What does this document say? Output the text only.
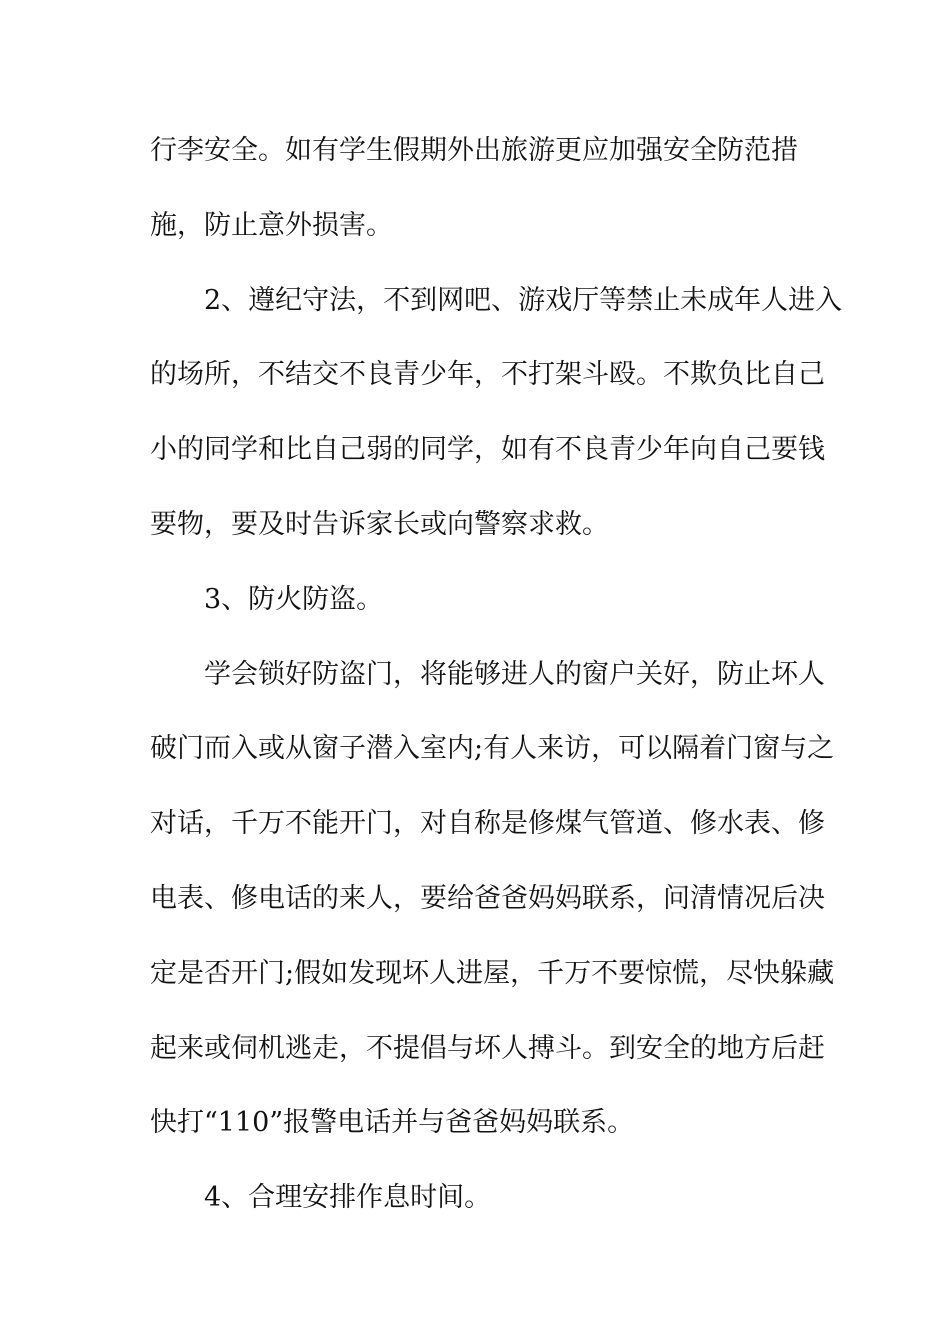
行李安全。如有学生假期外出旅游更应加强安全防范措
施，防止意外损害。
2、遵纪守法，不到网吧、游戏厅等禁止未成年人进入
的场所，不结交不良青少年，不打架斗殴。不欺负比自己
小的同学和比自己弱的同学，如有不良青少年向自己要钱
要物，要及时告诉家长或向警察求救。
3、防火防盗。
学会锁好防盗门，将能够进人的窗户关好，防止坏人
破门而入或从窗子潜入室内;有人来访，可以隔着门窗与之
对话，千万不能开门，对自称是修煤气管道、修水表、修
电表、修电话的来人，要给爸爸妈妈联系，问清情况后决
定是否开门;假如发现坏人进屋，千万不要惊慌，尽快躲藏
起来或伺机逃走，不提倡与坏人搏斗。到安全的地方后赶
快打“110”报警电话并与爸爸妈妈联系。
4、合理安排作息时间。
